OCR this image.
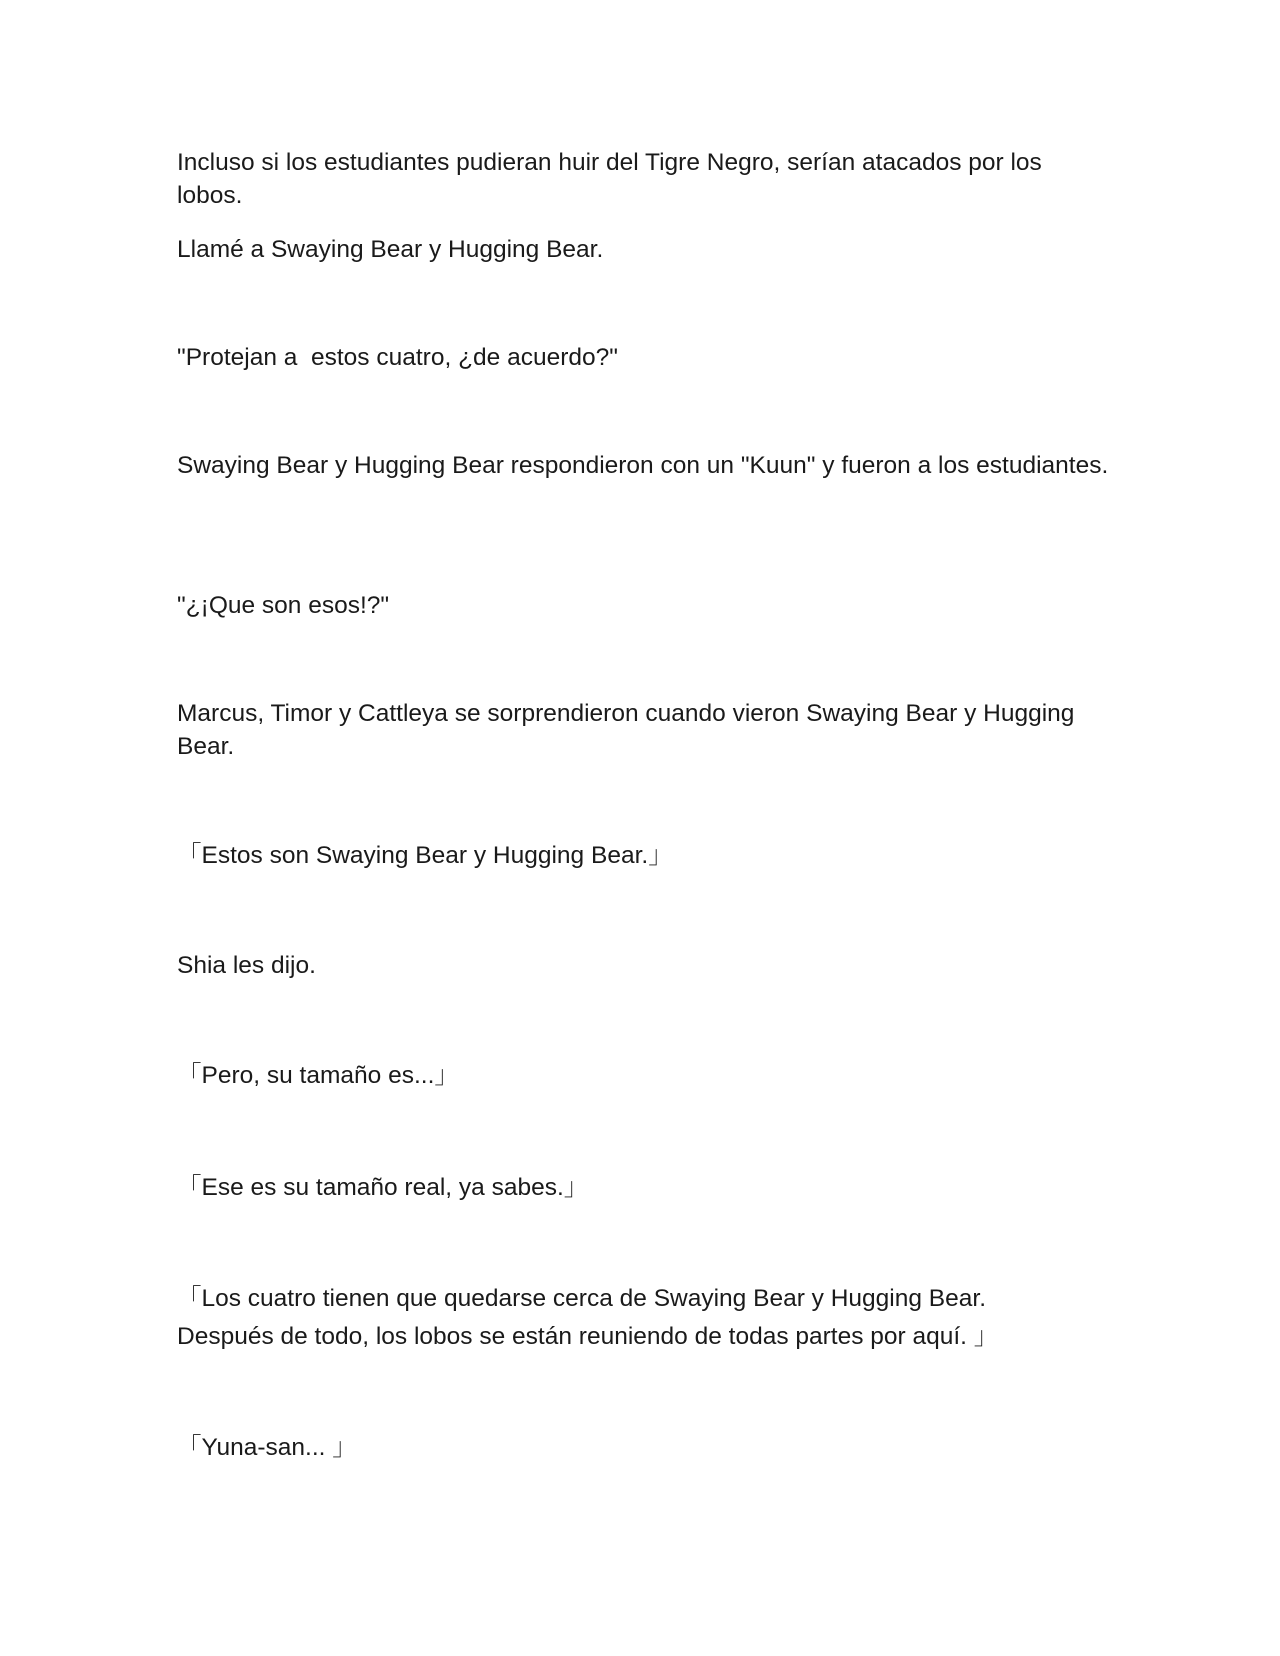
Incluso si los estudiantes pudieran huir del Tigre Negro, serían atacados por los lobos.

Llamé a Swaying Bear y Hugging Bear.

"Protejan a  estos cuatro, ¿de acuerdo?"

Swaying Bear y Hugging Bear respondieron con un "Kuun" y fueron a los estudiantes.

"¿¡Que son esos!?"

Marcus, Timor y Cattleya se sorprendieron cuando vieron Swaying Bear y Hugging Bear.

「Estos son Swaying Bear y Hugging Bear.」

Shia les dijo.

「Pero, su tamaño es...」

「Ese es su tamaño real, ya sabes.」

「Los cuatro tienen que quedarse cerca de Swaying Bear y Hugging Bear.
Después de todo, los lobos se están reuniendo de todas partes por aquí. 」

「Yuna-san... 」
